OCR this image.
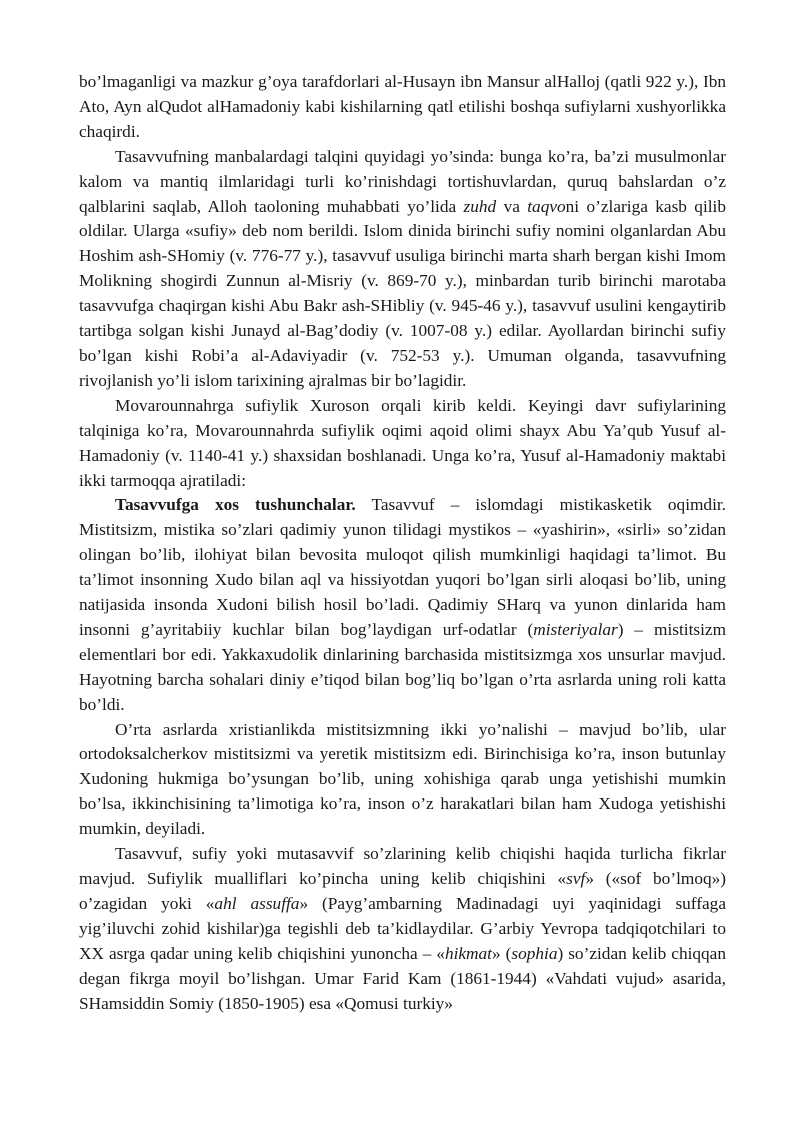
bo’lmaganligi va mazkur g’oya tarafdorlari al-Husayn ibn Mansur alHalloj (qatli 922 y.), Ibn Ato, Ayn alQudot alHamadoniy kabi kishilarning qatl etilishi boshqa sufiylarni xushyorlikka chaqirdi.

Tasavvufning manbalardagi talqini quyidagi yo’sinda: bunga ko’ra, ba’zi musulmonlar kalom va mantiq ilmlaridagi turli ko’rinishdagi tortishuvlardan, quruq bahslardan o’z qalblarini saqlab, Alloh taoloning muhabbati yo’lida zuhd va taqvoni o’zlariga kasb qilib oldilar. Ularga «sufiy» deb nom berildi. Islom dinida birinchi sufiy nomini olganlardan Abu Hoshim ash-SHomiy (v. 776-77 y.), tasavvuf usuliga birinchi marta sharh bergan kishi Imom Molikning shogirdi Zunnun al-Misriy (v. 869-70 y.), minbardan turib birinchi marotaba tasavvufga chaqirgan kishi Abu Bakr ash-SHibliy (v. 945-46 y.), tasavvuf usulini kengaytirib tartibga solgan kishi Junayd al-Bag’dodiy (v. 1007-08 y.) edilar. Ayollardan birinchi sufiy bo’lgan kishi Robi’a al-Adaviyadir (v. 752-53 y.). Umuman olganda, tasavvufning rivojlanish yo’li islom tarixining ajralmas bir bo’lagidir.

Movarounnahrga sufiylik Xuroson orqali kirib keldi. Keyingi davr sufiylarining talqiniga ko’ra, Movarounnahrda sufiylik oqimi aqoid olimi shayx Abu Ya’qub Yusuf al-Hamadoniy (v. 1140-41 y.) shaxsidan boshlanadi. Unga ko’ra, Yusuf al-Hamadoniy maktabi ikki tarmoqqa ajratiladi:

Tasavvufga xos tushunchalar. Tasavvuf – islomdagi mistikasketik oqimdir. Mistitsizm, mistika so’zlari qadimiy yunon tilidagi mystikos – «yashirin», «sirli» so’zidan olingan bo’lib, ilohiyat bilan bevosita muloqot qilish mumkinligi haqidagi ta’limot. Bu ta’limot insonning Xudo bilan aql va hissiyotdan yuqori bo’lgan sirli aloqasi bo’lib, uning natijasida insonda Xudoni bilish hosil bo’ladi. Qadimiy SHarq va yunon dinlarida ham insonni g’ayritabiiy kuchlar bilan bog’laydigan urf-odatlar (misteriyalar) – mistitsizm elementlari bor edi. Yakkaxudolik dinlarining barchasida mistitsizmga xos unsurlar mavjud. Hayotning barcha sohalari diniy e’tiqod bilan bog’liq bo’lgan o’rta asrlarda uning roli katta bo’ldi.

O’rta asrlarda xristianlikda mistitsizmning ikki yo’nalishi – mavjud bo’lib, ular ortodoksalcherkov mistitsizmi va yeretik mistitsizm edi. Birinchisiga ko’ra, inson butunlay Xudoning hukmiga bo’ysungan bo’lib, uning xohishiga qarab unga yetishishi mumkin bo’lsa, ikkinchisining ta’limotiga ko’ra, inson o’z harakatlari bilan ham Xudoga yetishishi mumkin, deyiladi.

Tasavvuf, sufiy yoki mutasavvif so’zlarining kelib chiqishi haqida turlicha fikrlar mavjud. Sufiylik mualliflari ko’pincha uning kelib chiqishini «svf» («sof bo’lmoq») o’zagidan yoki «ahl assuffa» (Payg’ambarning Madinadagi uyi yaqinidagi suffaga yig’iluvchi zohid kishilar)ga tegishli deb ta’kidlaydilar. G’arbiy Yevropa tadqiqotchilari to XX asrga qadar uning kelib chiqishini yunoncha – «hikmat» (sophia) so’zidan kelib chiqqan degan fikrga moyil bo’lishgan. Umar Farid Kam (1861-1944) «Vahdati vujud» asarida, SHamsiddin Somiy (1850-1905) esa «Qomusi turkiy»
